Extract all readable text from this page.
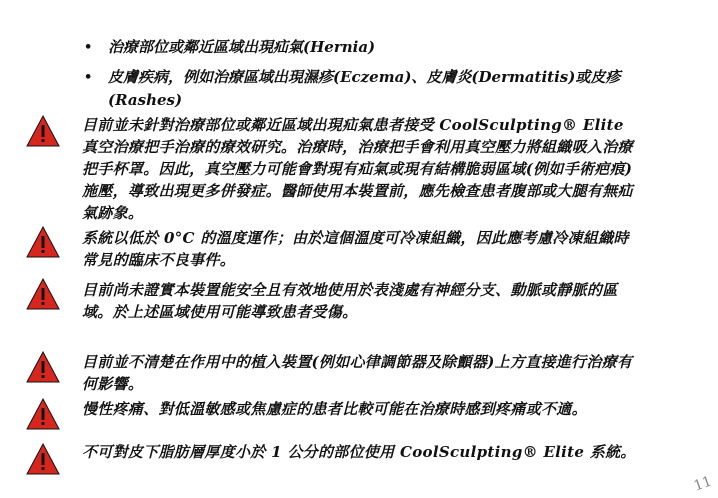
• 治療部位或鄰近區域出現疝氣(Hernia)
• 皮膚疾病，例如治療區域出現濕疹(Eczema)、皮膚炎(Dermatitis)或皮疹(Rashes)
目前並未針對治療部位或鄰近區域出現疝氣患者接受 CoolSculpting® Elite 真空治療把手治療的療效研究。治療時，治療把手會利用真空壓力將組織吸入治療把手杯罩。因此，真空壓力可能會對現有疝氣或現有結構脆弱區域(例如手術疤痕)施壓，導致出現更多併發症。醫師使用本裝置前，應先檢查患者腹部或大腿有無疝氣跡象。
系統以低於 0°C 的溫度運作；由於這個溫度可冷凍組織，因此應考慮冷凍組織時常見的臨床不良事件。
目前尚未證實本裝置能安全且有效地使用於表淺處有神經分支、動脈或靜脈的區域。於上述區域使用可能導致患者受傷。
目前並不清楚在作用中的植入裝置(例如心律調節器及除顫器)上方直接進行治療有何影響。
慢性疼痛、對低溫敏感或焦慮症的患者比較可能在治療時感到疼痛或不適。
不可對皮下脂肪層厚度小於 1 公分的部位使用 CoolSculpting® Elite 系統。
11
